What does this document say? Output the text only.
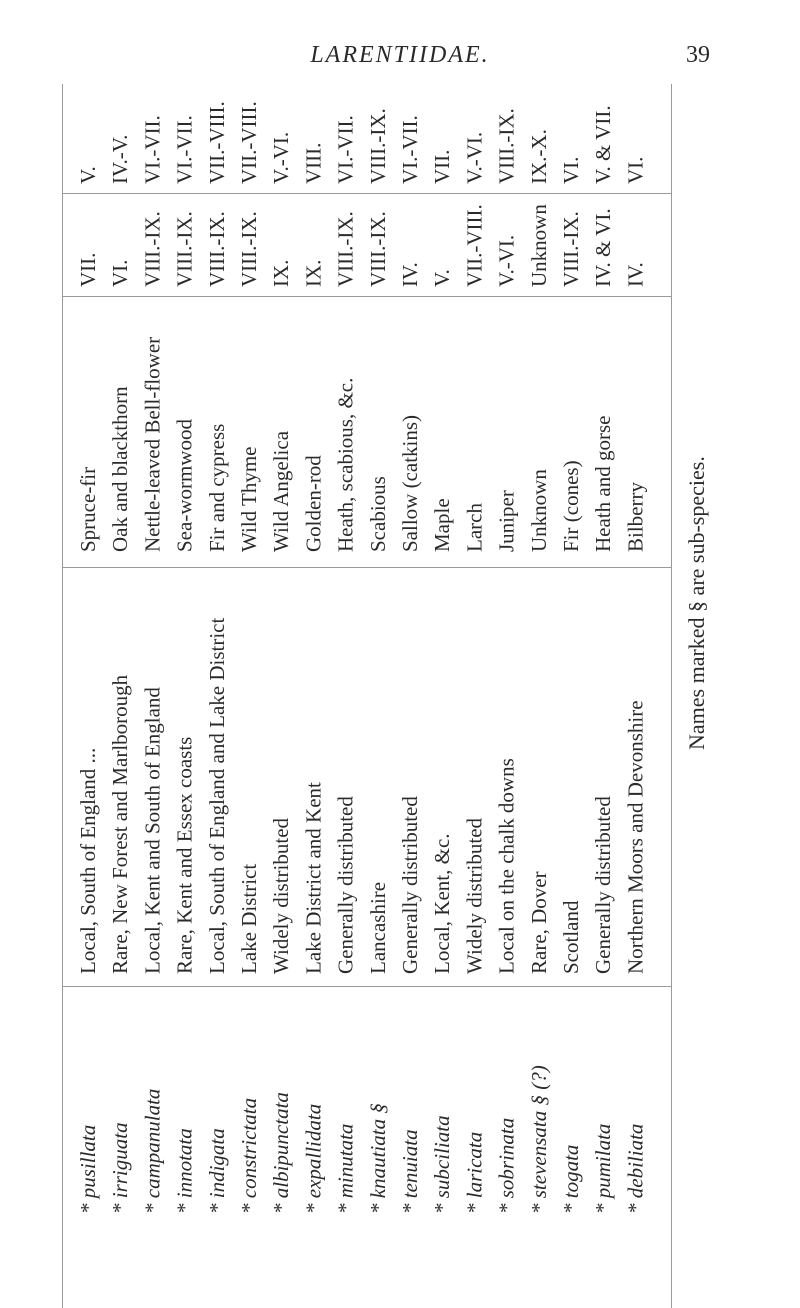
LARENTIIDAE.	39
V.
VII.
Spruce-fir
Local, South of England ...
* pusillata
IV.-V.
VI.
Oak and blackthorn
Rare, New Forest and Marlborough
* irriguata
VI.-VII.
VIII.-IX.
Nettle-leaved Bell-flower
Local, Kent and South of England
* campanulata
VI.-VII.
VIII.-IX.
Sea-wormwood
Rare, Kent and Essex coasts
* innotata
VII.-VIII.
VIII.-IX.
Fir and cypress
Local, South of England and Lake District
* indigata
VII.-VIII.
VIII.-IX.
Wild Thyme
Lake District
* constrictata
V.-VI.
IX.
Wild Angelica
Widely distributed
* albipunctata
VIII.
IX.
Golden-rod
Lake District and Kent
* expallidata
VI.-VII.
VIII.-IX.
Heath, scabious, &c.
Generally distributed
* minutata
VIII.-IX.
VIII.-IX.
Scabious
Lancashire
* knautiata §
VI.-VII.
IV.
Sallow (catkins)
Generally distributed
* tenuiata
VII.
V.
Maple
Local, Kent, &c.
* subciliata
V.-VI.
VII.-VIII.
Larch
Widely distributed
* laricata
VIII.-IX.
V.-VI.
Juniper
Local on the chalk downs
* sobrinata
IX.-X.
Unknown
Unknown
Rare, Dover
* stevensata § (?)
VI.
VIII.-IX.
Fir (cones)
Scotland
* togata
V. & VII.
IV. & VI.
Heath and gorse
Generally distributed
* pumilata
VI.
IV.
Bilberry
Northern Moors and Devonshire
* debiliata
Names marked § are sub-species.
